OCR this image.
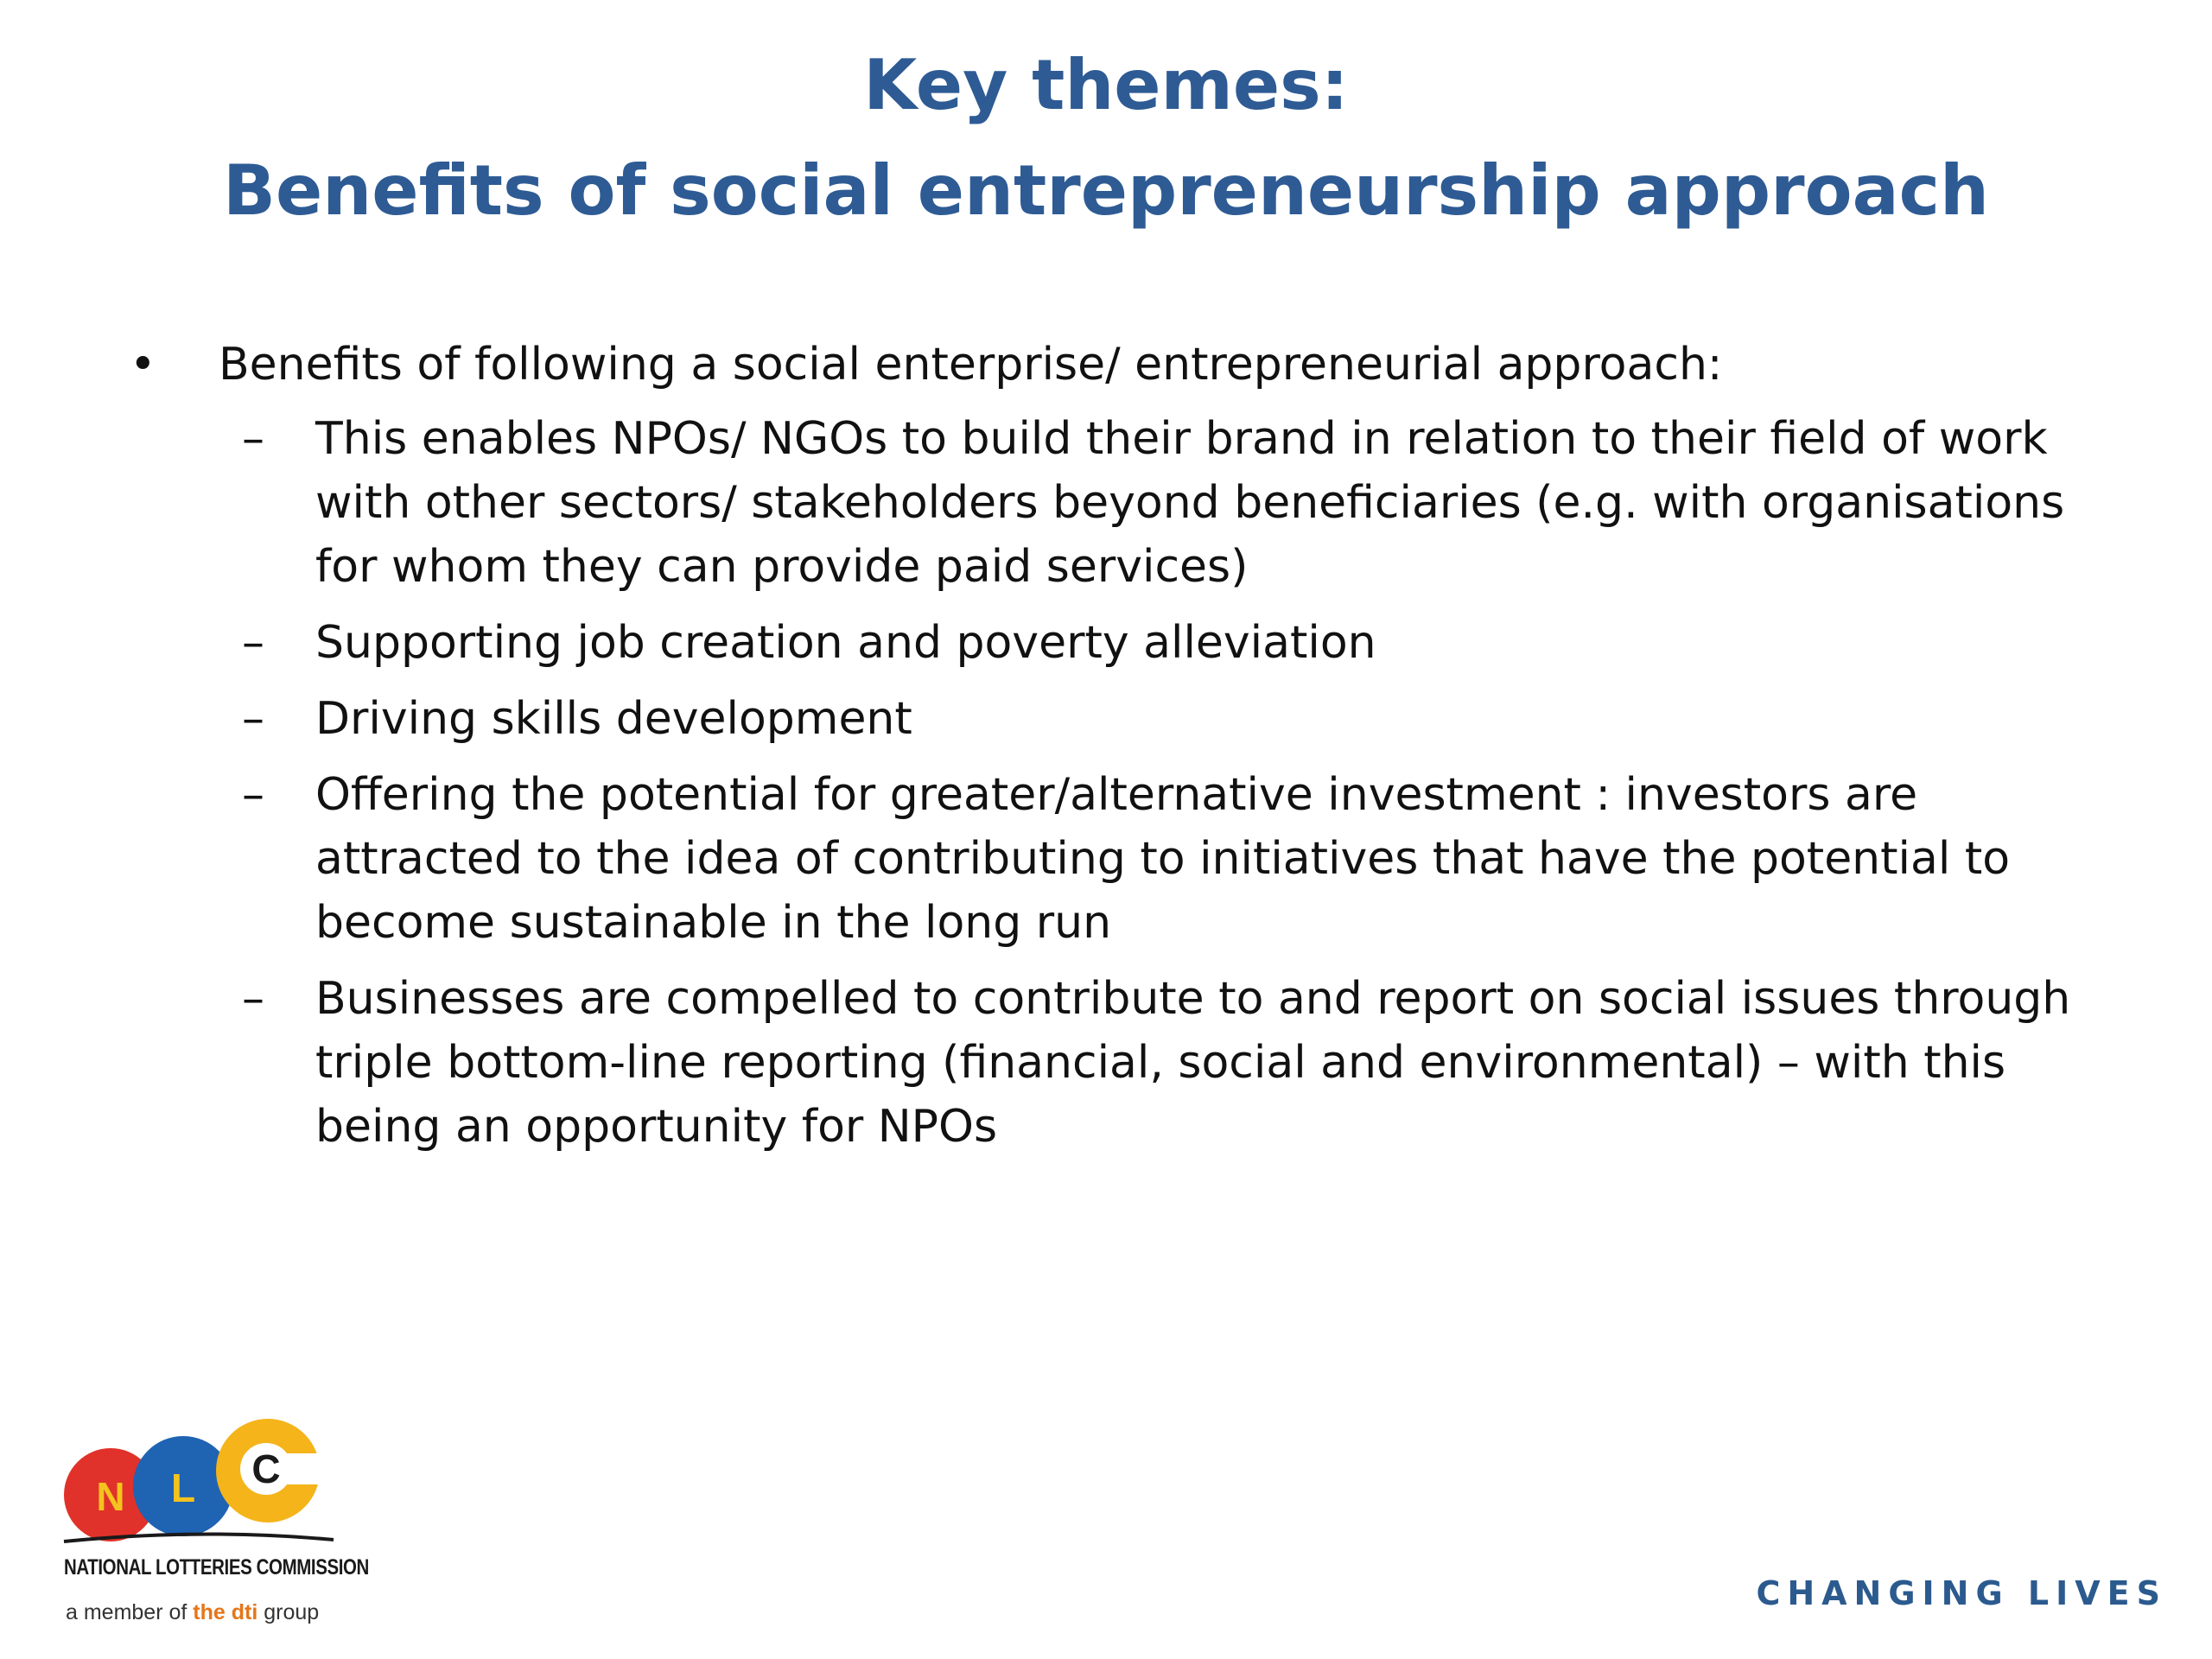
Key themes:
Benefits of social entrepreneurship approach
• Benefits of following a social enterprise/ entrepreneurial approach:
– This enables NPOs/ NGOs to build their brand in relation to their field of work with other sectors/ stakeholders beyond beneficiaries (e.g. with organisations for whom they can provide paid services)
– Supporting job creation and poverty alleviation
– Driving skills development
– Offering the potential for greater/alternative investment : investors are attracted to the idea of contributing to initiatives that have the potential to become sustainable in the long run
– Businesses are compelled to contribute to and report on social issues through triple bottom-line reporting (financial, social and environmental) – with this being an opportunity for NPOs
N L C
NATIONAL LOTTERIES COMMISSION
a member of the dti group	CHANGING LIVES
